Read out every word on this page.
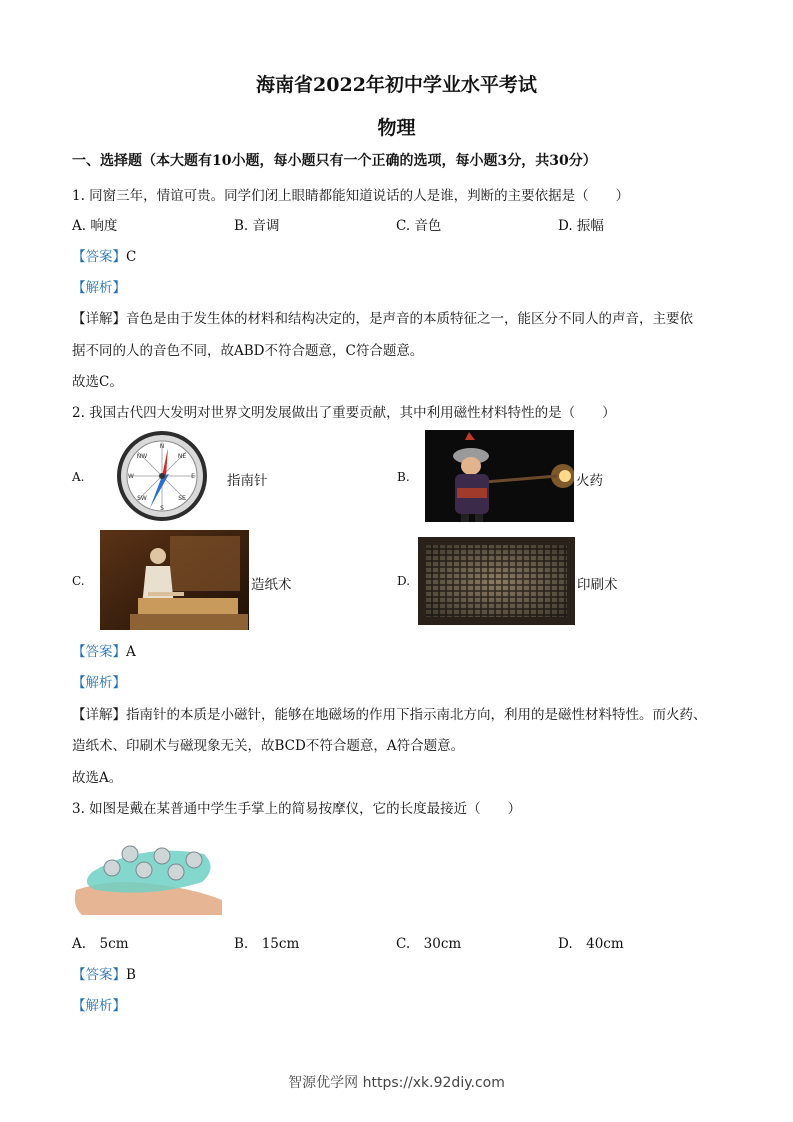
海南省2022年初中学业水平考试
物理
一、选择题（本大题有10小题，每小题只有一个正确的选项，每小题3分，共30分）
1. 同窗三年，情谊可贵。同学们闭上眼睛都能知道说话的人是谁，判断的主要依据是（　　）
A. 响度	B. 音调	C. 音色	D. 振幅
【答案】C
【解析】
【详解】音色是由于发生体的材料和结构决定的，是声音的本质特征之一，能区分不同人的声音，主要依
据不同的人的音色不同，故ABD不符合题意，C符合题意。
故选C。
2. 我国古代四大发明对世界文明发展做出了重要贡献，其中利用磁性材料特性的是（　　）
A.
N
S
E
W
NE
NW
SE
SW
指南针	B.	火药
C.	造纸术	D.	印刷术
【答案】A
【解析】
【详解】指南针的本质是小磁针，能够在地磁场的作用下指示南北方向，利用的是磁性材料特性。而火药、
造纸术、印刷术与磁现象无关，故BCD不符合题意，A符合题意。
故选A。
3. 如图是戴在某普通中学生手掌上的简易按摩仪，它的长度最接近（　　）
A.　5cm	B.　15cm	C.　30cm	D.　40cm
【答案】B
【解析】
智源优学网 https://xk.92diy.com
